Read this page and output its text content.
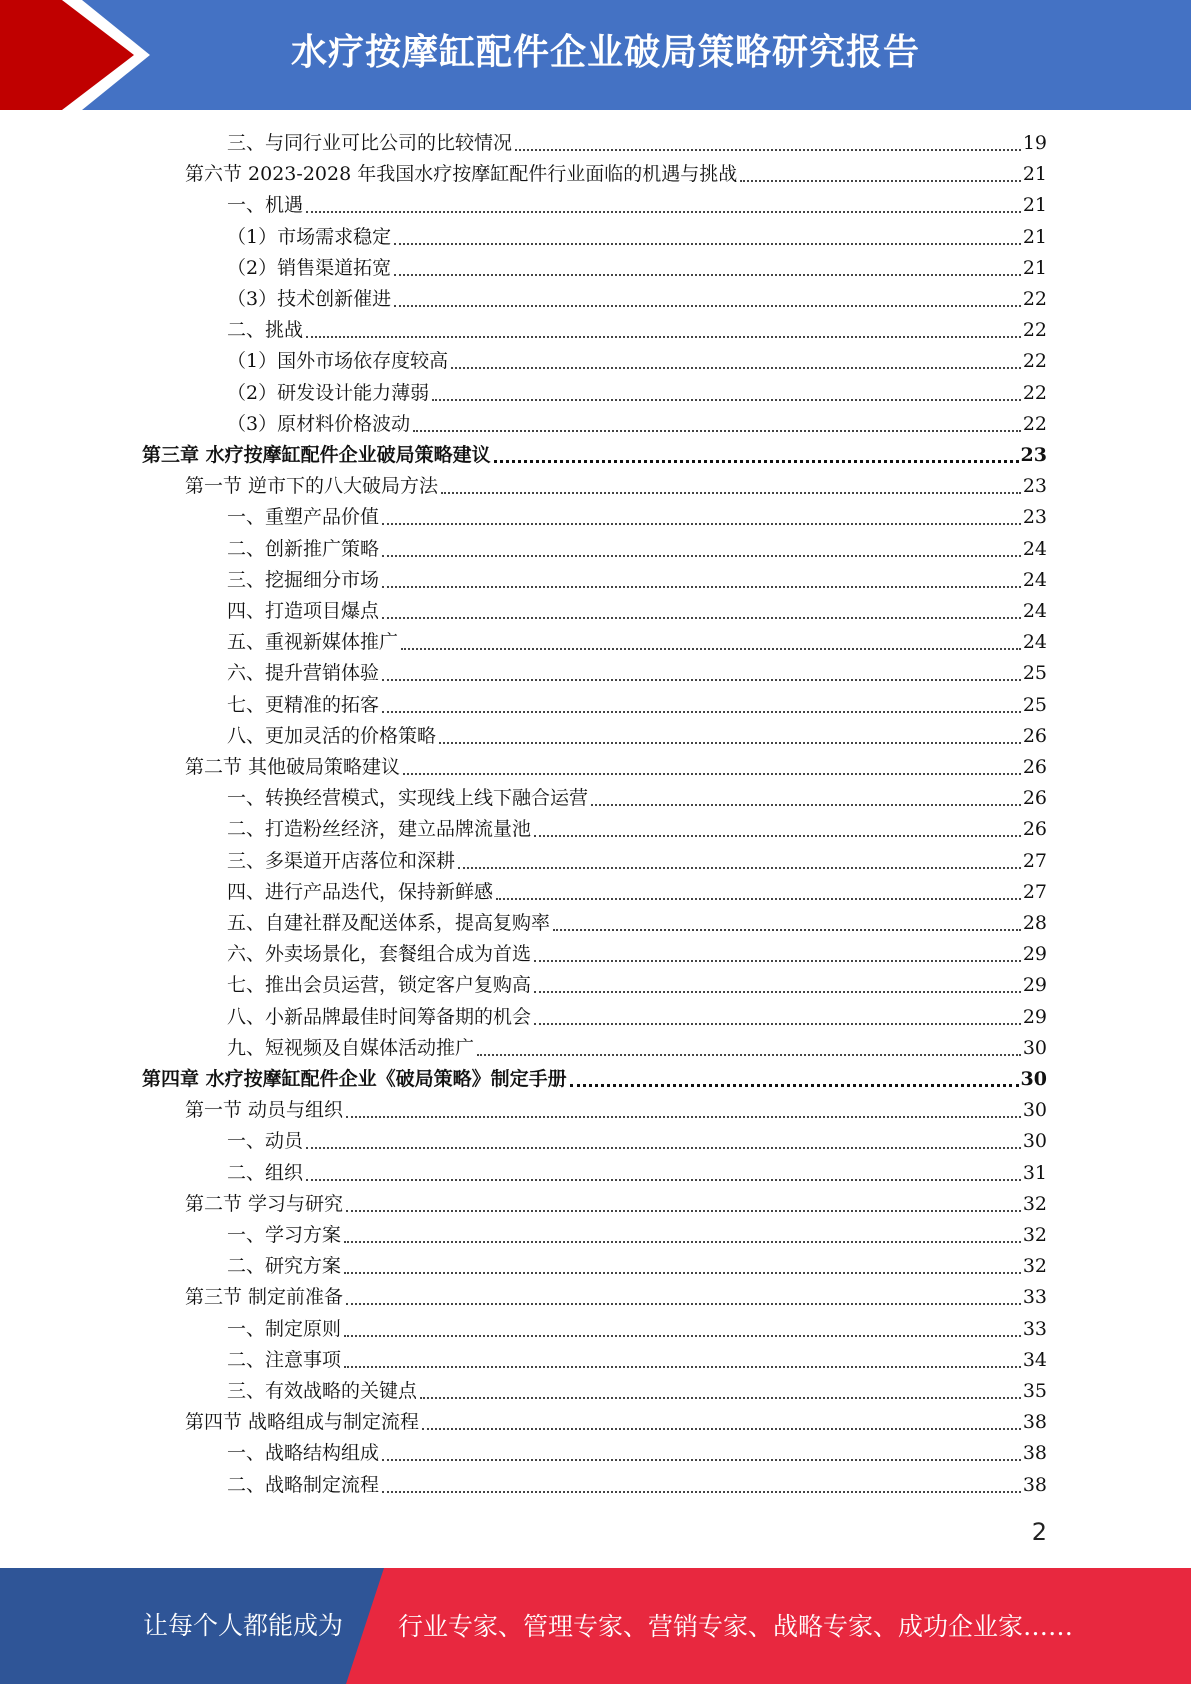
水疗按摩缸配件企业破局策略研究报告
三、与同行业可比公司的比较情况	19
第六节 2023-2028 年我国水疗按摩缸配件行业面临的机遇与挑战	21
一、机遇	21
（1）市场需求稳定	21
（2）销售渠道拓宽	21
（3）技术创新催进	22
二、挑战	22
（1）国外市场依存度较高	22
（2）研发设计能力薄弱	22
（3）原材料价格波动	22
第三章 水疗按摩缸配件企业破局策略建议	23
第一节 逆市下的八大破局方法	23
一、重塑产品价值	23
二、创新推广策略	24
三、挖掘细分市场	24
四、打造项目爆点	24
五、重视新媒体推广	24
六、提升营销体验	25
七、更精准的拓客	25
八、更加灵活的价格策略	26
第二节 其他破局策略建议	26
一、转换经营模式，实现线上线下融合运营	26
二、打造粉丝经济，建立品牌流量池	26
三、多渠道开店落位和深耕	27
四、进行产品迭代，保持新鲜感	27
五、自建社群及配送体系，提高复购率	28
六、外卖场景化，套餐组合成为首选	29
七、推出会员运营，锁定客户复购高	29
八、小新品牌最佳时间筹备期的机会	29
九、短视频及自媒体活动推广	30
第四章 水疗按摩缸配件企业《破局策略》制定手册	30
第一节 动员与组织	30
一、动员	30
二、组织	31
第二节 学习与研究	32
一、学习方案	32
二、研究方案	32
第三节 制定前准备	33
一、制定原则	33
二、注意事项	34
三、有效战略的关键点	35
第四节 战略组成与制定流程	38
一、战略结构组成	38
二、战略制定流程	38
2
让每个人都能成为 行业专家、管理专家、营销专家、战略专家、成功企业家……
